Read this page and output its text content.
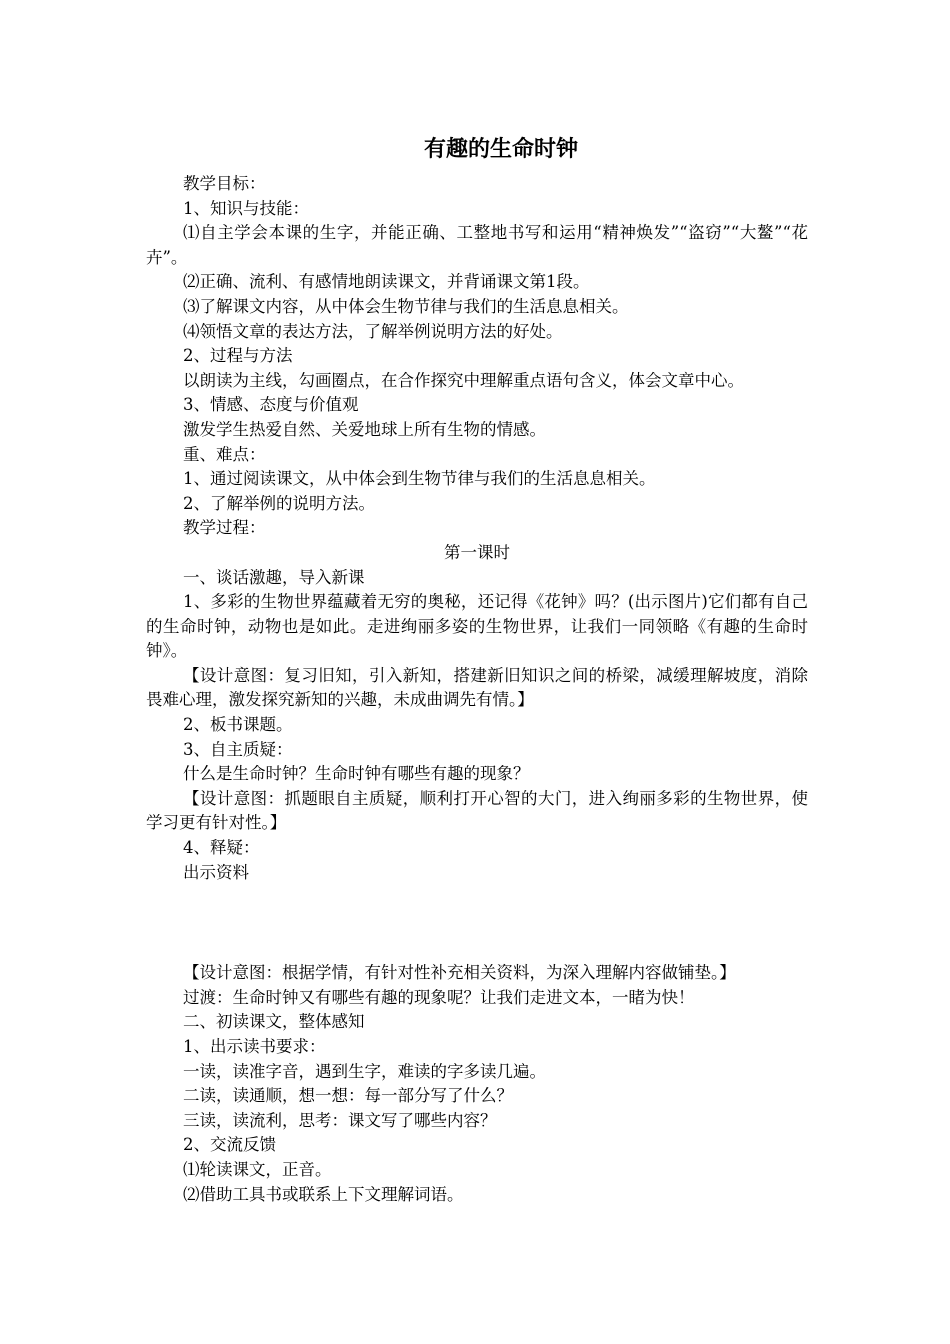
有趣的生命时钟

教学目标：

1、知识与技能：

⑴自主学会本课的生字，并能正确、工整地书写和运用“精神焕发”“盗窃”“大鳌”“花卉”。

⑵正确、流利、有感情地朗读课文，并背诵课文第1段。

⑶了解课文内容，从中体会生物节律与我们的生活息息相关。

⑷领悟文章的表达方法，了解举例说明方法的好处。

2、过程与方法

以朗读为主线，勾画圈点，在合作探究中理解重点语句含义，体会文章中心。

3、情感、态度与价值观

激发学生热爱自然、关爱地球上所有生物的情感。

重、难点：

1、通过阅读课文，从中体会到生物节律与我们的生活息息相关。

2、了解举例的说明方法。

教学过程：

第一课时

一、谈话激趣，导入新课

1、多彩的生物世界蕴藏着无穷的奥秘，还记得《花钟》吗？(出示图片)它们都有自己的生命时钟，动物也是如此。走进绚丽多姿的生物世界，让我们一同领略《有趣的生命时钟》。

【设计意图：复习旧知，引入新知，搭建新旧知识之间的桥梁，减缓理解坡度，消除畏难心理，激发探究新知的兴趣，未成曲调先有情。】

2、板书课题。

3、自主质疑：

什么是生命时钟？生命时钟有哪些有趣的现象？

【设计意图：抓题眼自主质疑，顺利打开心智的大门，进入绚丽多彩的生物世界，使学习更有针对性。】

4、释疑：

出示资料

【设计意图：根据学情，有针对性补充相关资料，为深入理解内容做铺垫。】

过渡：生命时钟又有哪些有趣的现象呢？让我们走进文本，一睹为快！

二、初读课文，整体感知

1、出示读书要求：

一读，读准字音，遇到生字，难读的字多读几遍。

二读，读通顺，想一想：每一部分写了什么？

三读，读流利，思考：课文写了哪些内容？

2、交流反馈

⑴轮读课文，正音。

⑵借助工具书或联系上下文理解词语。
